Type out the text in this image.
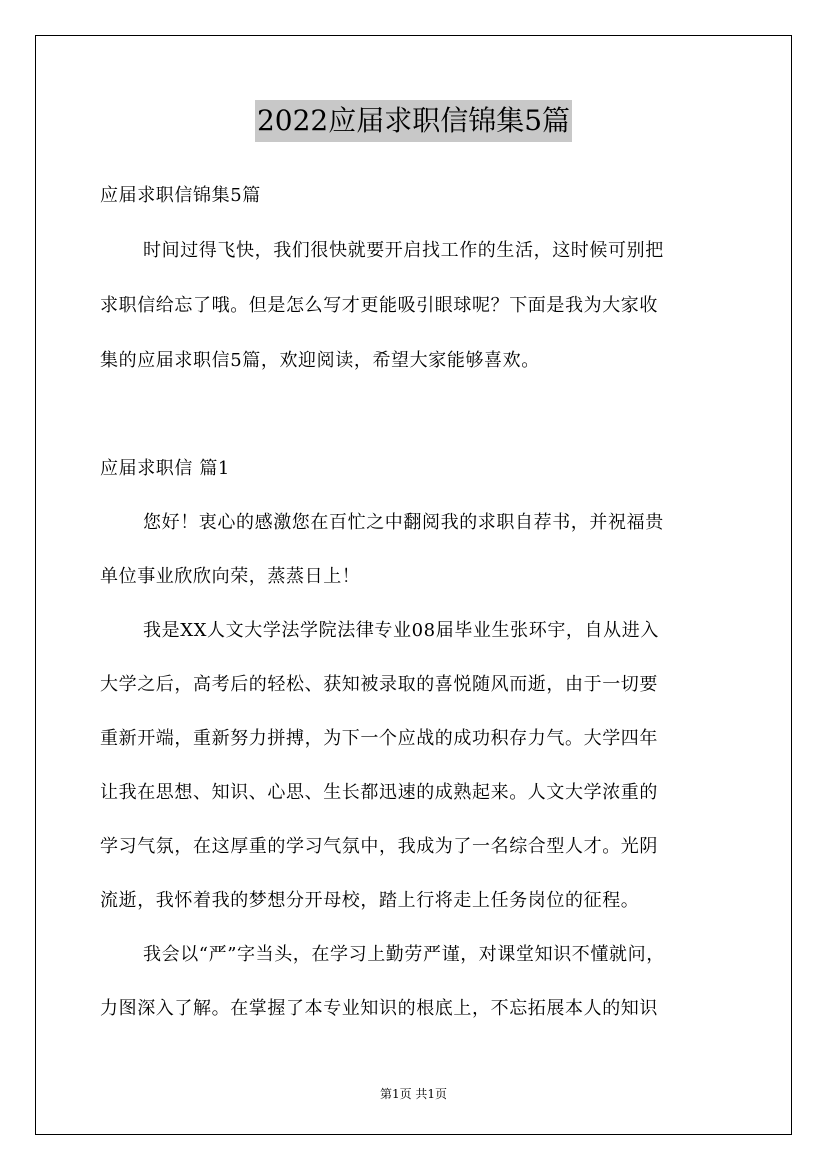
2022应届求职信锦集5篇
应届求职信锦集5篇
时间过得飞快，我们很快就要开启找工作的生活，这时候可别把
求职信给忘了哦。但是怎么写才更能吸引眼球呢？下面是我为大家收
集的应届求职信5篇，欢迎阅读，希望大家能够喜欢。
应届求职信 篇1
您好！衷心的感激您在百忙之中翻阅我的求职自荐书，并祝福贵
单位事业欣欣向荣，蒸蒸日上！
我是XX人文大学法学院法律专业08届毕业生张环宇，自从进入
大学之后，高考后的轻松、获知被录取的喜悦随风而逝，由于一切要
重新开端，重新努力拼搏，为下一个应战的成功积存力气。大学四年
让我在思想、知识、心思、生长都迅速的成熟起来。人文大学浓重的
学习气氛，在这厚重的学习气氛中，我成为了一名综合型人才。光阴
流逝，我怀着我的梦想分开母校，踏上行将走上任务岗位的征程。
我会以“严”字当头，在学习上勤劳严谨，对课堂知识不懂就问，
力图深入了解。在掌握了本专业知识的根底上，不忘拓展本人的知识
第1页 共1页
